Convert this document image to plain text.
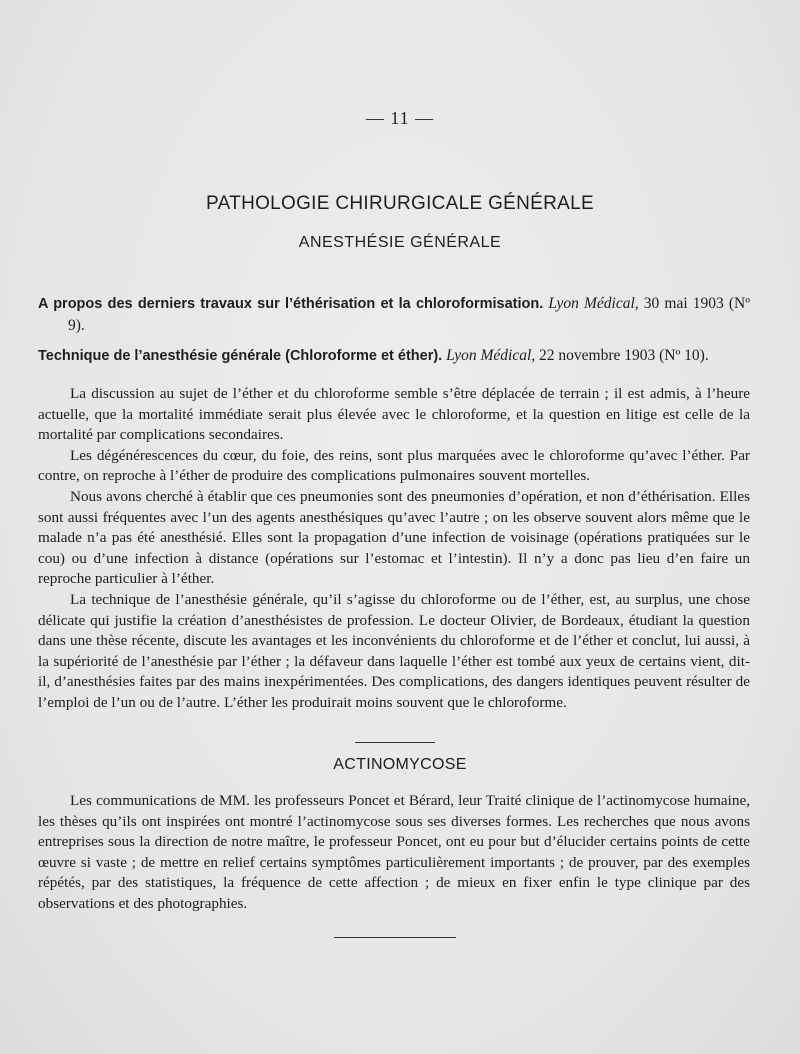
— 11 —
PATHOLOGIE CHIRURGICALE GÉNÉRALE
ANESTHÉSIE GÉNÉRALE

A propos des derniers travaux sur l’éthérisation et la chloroformisation. Lyon Médical, 30 mai 1903 (Nº 9).

Technique de l’anesthésie générale (Chloroforme et éther). Lyon Médical, 22 novembre 1903 (Nº 10).

La discussion au sujet de l’éther et du chloroforme semble s’être déplacée de terrain ; il est admis, à l’heure actuelle, que la mortalité immédiate serait plus élevée avec le chloroforme, et la question en litige est celle de la mortalité par complications secondaires.

Les dégénérescences du cœur, du foie, des reins, sont plus marquées avec le chloroforme qu’avec l’éther. Par contre, on reproche à l’éther de produire des complications pulmonaires souvent mortelles.

Nous avons cherché à établir que ces pneumonies sont des pneumonies d’opération, et non d’éthérisation. Elles sont aussi fréquentes avec l’un des agents anesthésiques qu’avec l’autre ; on les observe souvent alors même que le malade n’a pas été anesthésié. Elles sont la propagation d’une infection de voisinage (opérations pratiquées sur le cou) ou d’une infection à distance (opérations sur l’estomac et l’intestin). Il n’y a donc pas lieu d’en faire un reproche particulier à l’éther.

La technique de l’anesthésie générale, qu’il s’agisse du chloroforme ou de l’éther, est, au surplus, une chose délicate qui justifie la création d’anesthésistes de profession. Le docteur Olivier, de Bordeaux, étudiant la question dans une thèse récente, discute les avantages et les inconvénients du chloroforme et de l’éther et conclut, lui aussi, à la supériorité de l’anesthésie par l’éther ; la défaveur dans laquelle l’éther est tombé aux yeux de certains vient, dit-il, d’anesthésies faites par des mains inexpérimentées. Des complications, des dangers identiques peuvent résulter de l’emploi de l’un ou de l’autre. L’éther les produirait moins souvent que le chloroforme.

ACTINOMYCOSE

Les communications de MM. les professeurs Poncet et Bérard, leur Traité clinique de l’actinomycose humaine, les thèses qu’ils ont inspirées ont montré l’actinomycose sous ses diverses formes. Les recherches que nous avons entreprises sous la direction de notre maître, le professeur Poncet, ont eu pour but d’élucider certains points de cette œuvre si vaste ; de mettre en relief certains symptômes particulièrement importants ; de prouver, par des exemples répétés, par des statistiques, la fréquence de cette affection ; de mieux en fixer enfin le type clinique par des observations et des photographies.
